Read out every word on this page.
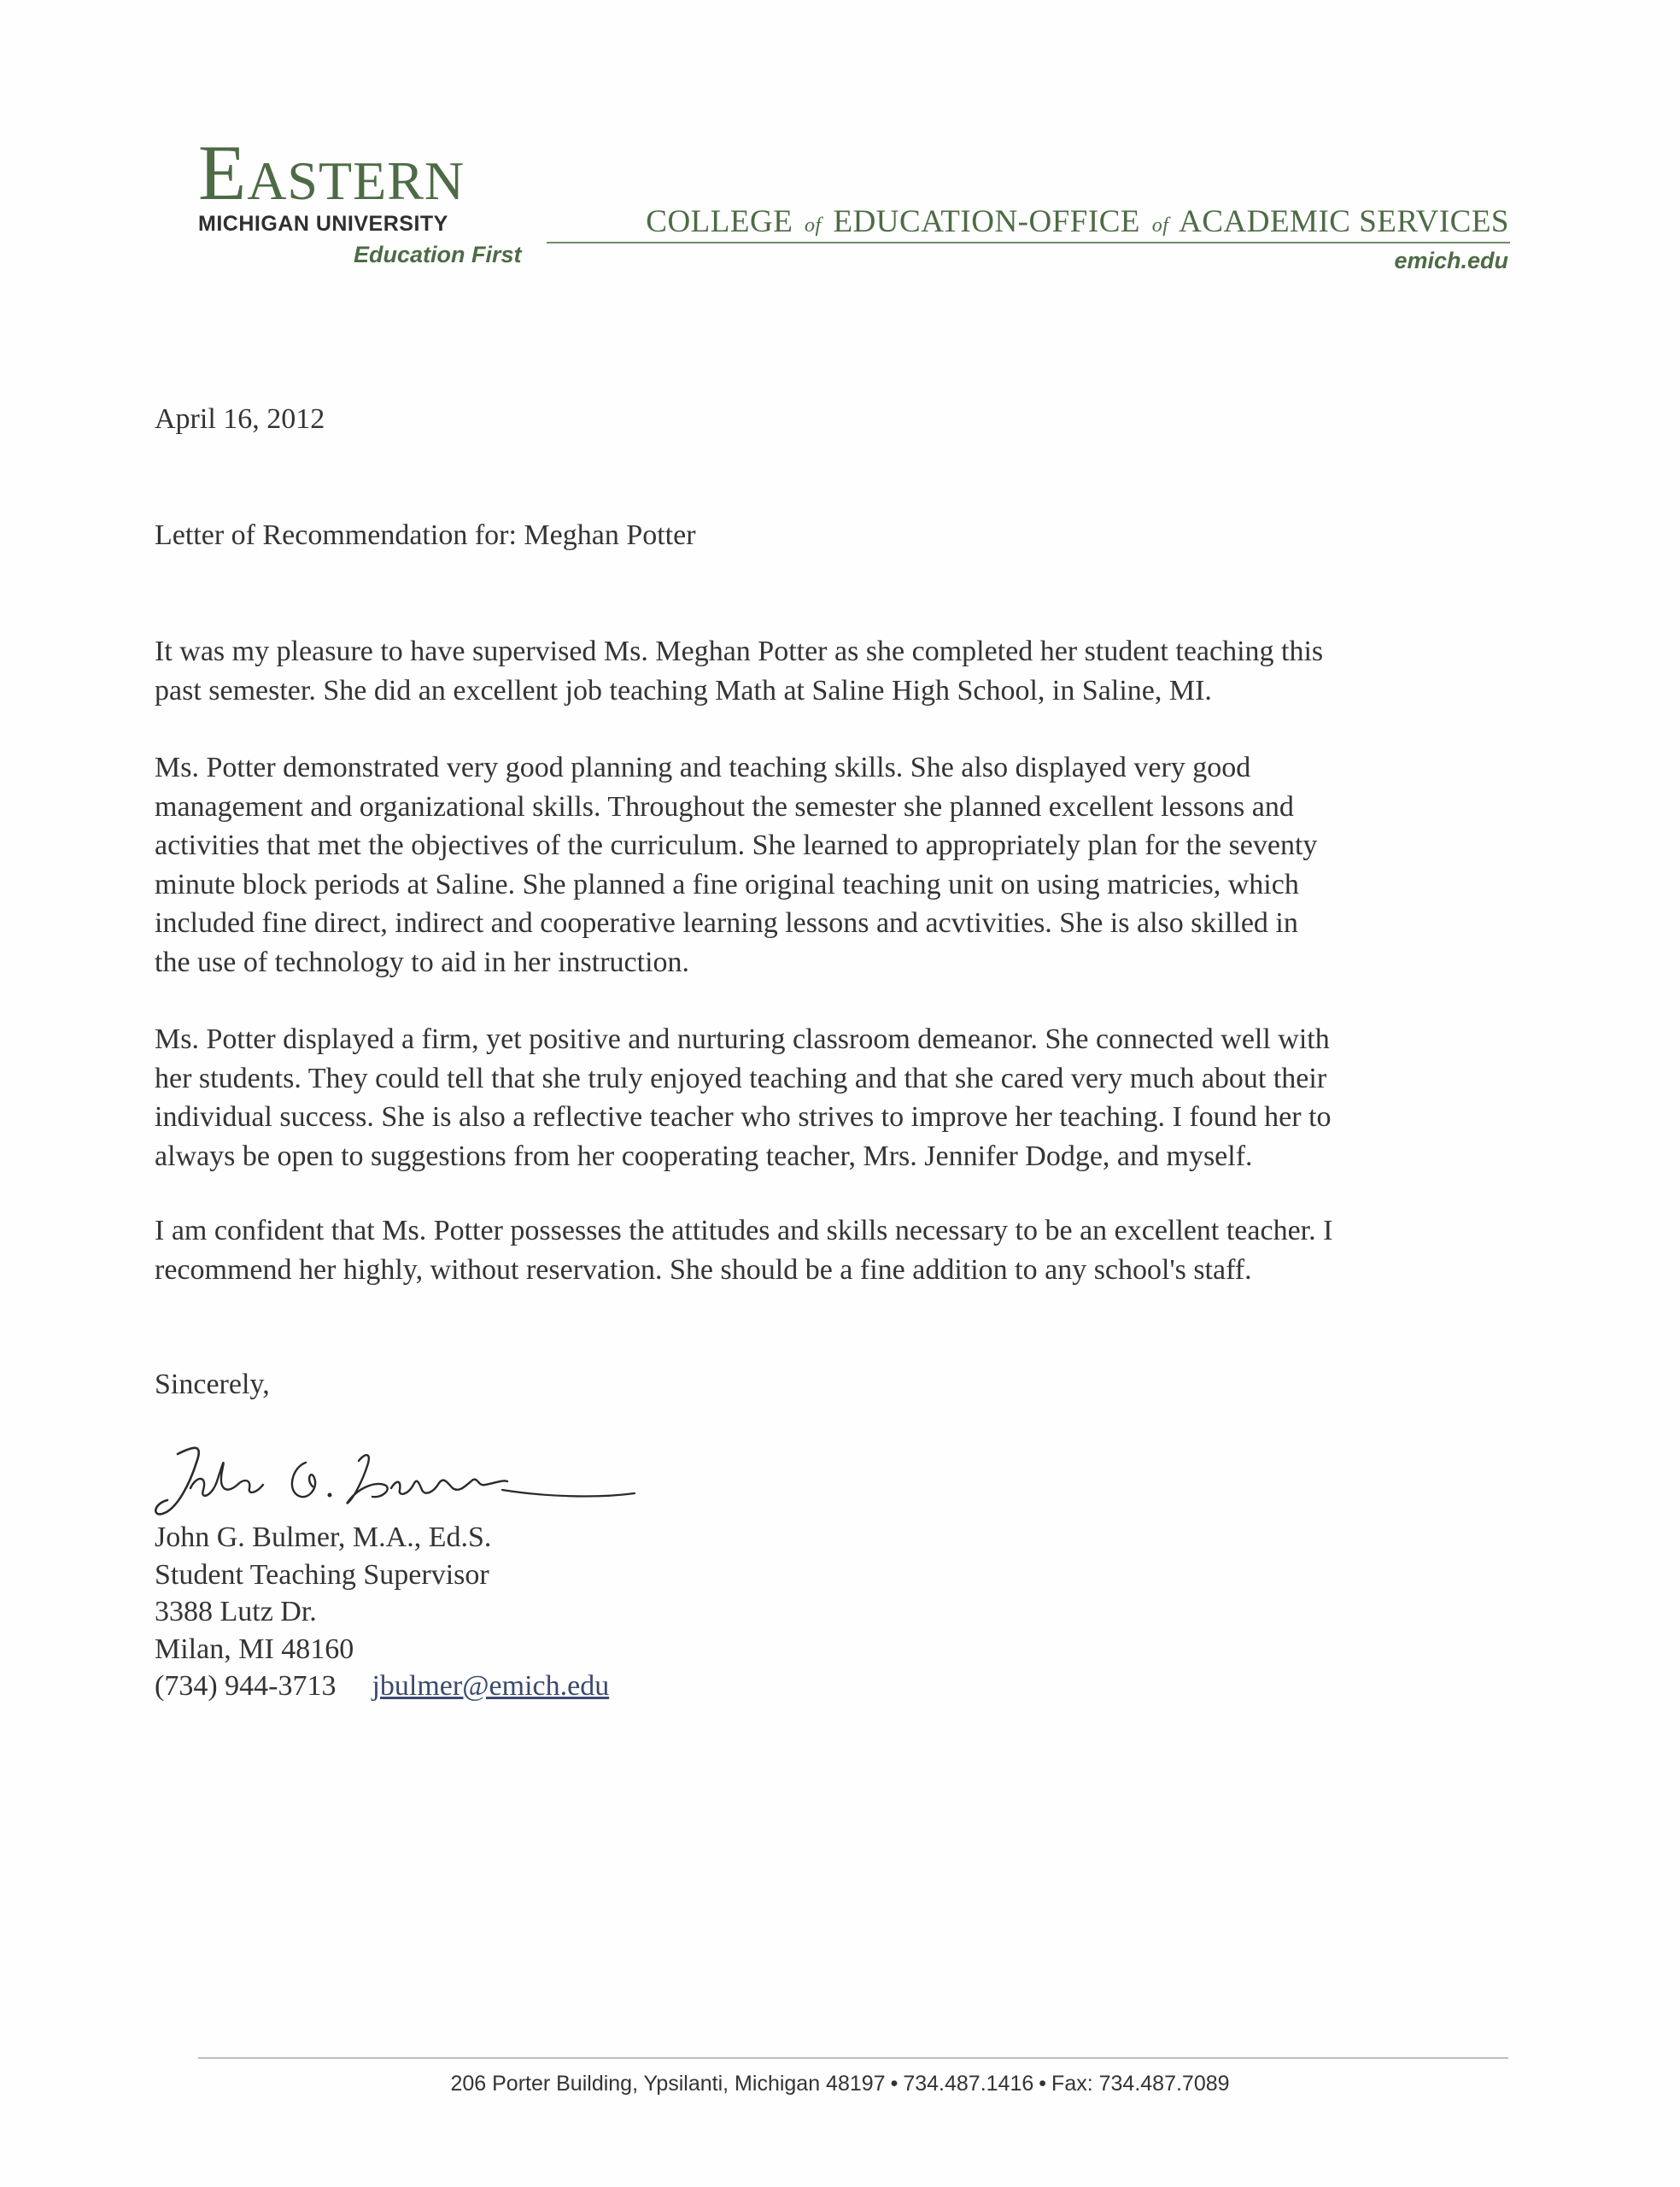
Eastern
MICHIGAN UNIVERSITY
Education First
COLLEGE of EDUCATION-OFFICE of ACADEMIC SERVICES
emich.edu
April 16, 2012
Letter of Recommendation for: Meghan Potter

It was my pleasure to have supervised Ms. Meghan Potter as she completed her student teaching this
past semester. She did an excellent job teaching Math at Saline High School, in Saline, MI.

Ms. Potter demonstrated very good planning and teaching skills. She also displayed very good
management and organizational skills. Throughout the semester she planned excellent lessons and
activities that met the objectives of the curriculum. She learned to appropriately plan for the seventy
minute block periods at Saline. She planned a fine original teaching unit on using matricies, which
included fine direct, indirect and cooperative learning lessons and acvtivities. She is also skilled in
the use of technology to aid in her instruction.

Ms. Potter displayed a firm, yet positive and nurturing classroom demeanor. She connected well with
her students. They could tell that she truly enjoyed teaching and that she cared very much about their
individual success. She is also a reflective teacher who strives to improve her teaching. I found her to
always be open to suggestions from her cooperating teacher, Mrs. Jennifer Dodge, and myself.

I am confident that Ms. Potter possesses the attitudes and skills necessary to be an excellent teacher. I
recommend her highly, without reservation. She should be a fine addition to any school's staff.

Sincerely,
John G. Bulmer, M.A., Ed.S.
Student Teaching Supervisor
3388 Lutz Dr.
Milan, MI 48160
(734) 944-3713 jbulmer@emich.edu
206 Porter Building, Ypsilanti, Michigan 48197 • 734.487.1416 • Fax: 734.487.7089
